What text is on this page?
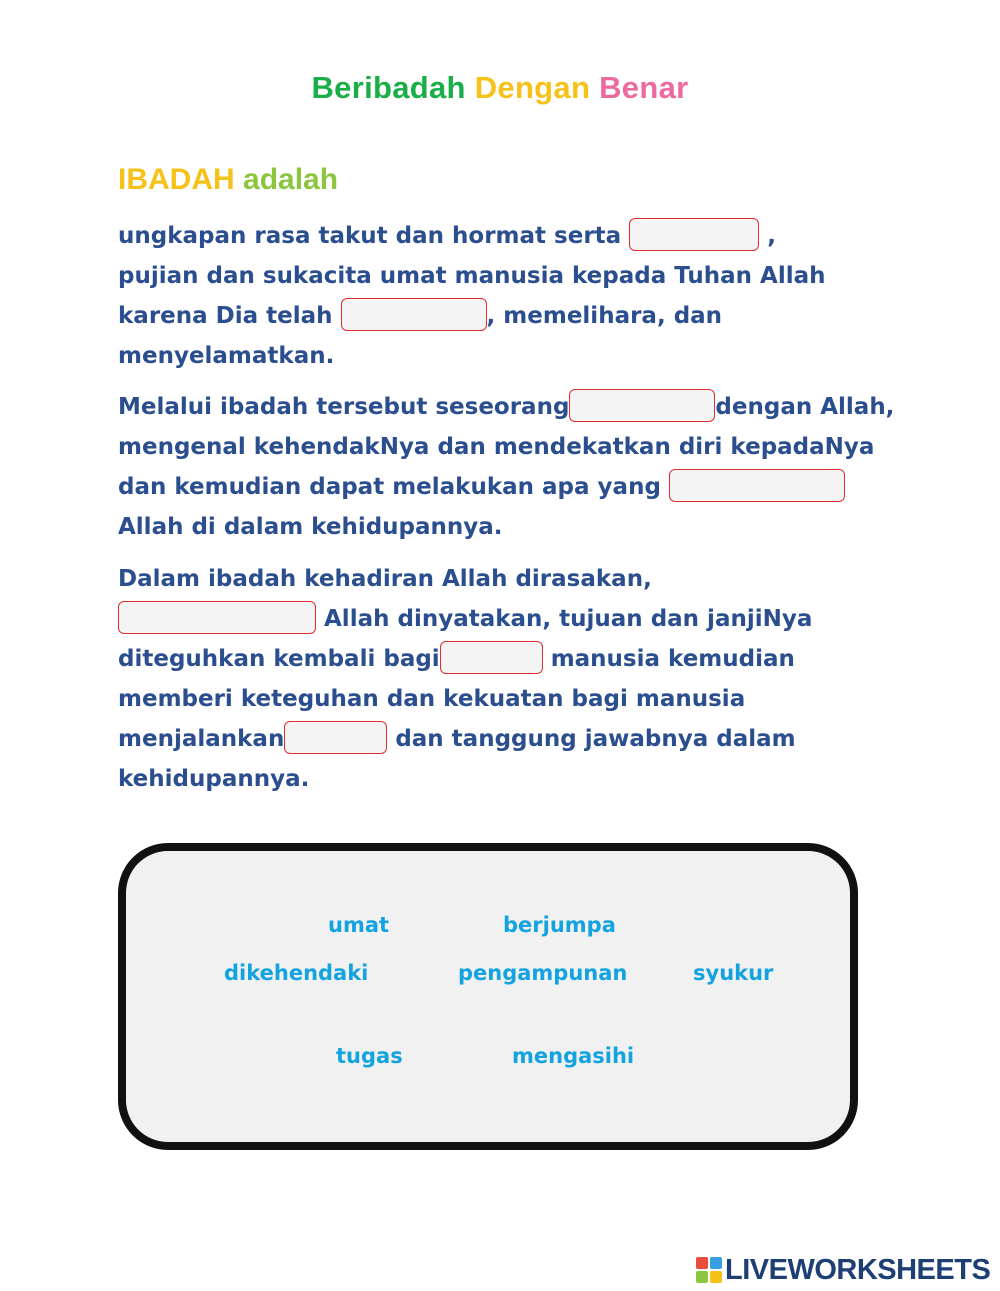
Beribadah Dengan Benar
IBADAH adalah
ungkapan rasa takut dan hormat serta	,
pujian dan sukacita umat manusia kepada Tuhan Allah karena Dia telah	, memelihara, dan menyelamatkan.
Melalui ibadah tersebut seseorang	dengan Allah, mengenal kehendakNya dan mendekatkan diri kepadaNya dan kemudian dapat melakukan apa yang Allah di dalam kehidupannya.
Dalam ibadah kehadiran Allah dirasakan,
Allah dinyatakan, tujuan dan janjiNya diteguhkan kembali bagi	manusia kemudian memberi keteguhan dan kekuatan bagi manusia menjalankan	dan tanggung jawabnya dalam kehidupannya.
umat	berjumpa
dikehendaki	pengampunan	syukur
tugas	mengasihi
LIVEWORKSHEETS
